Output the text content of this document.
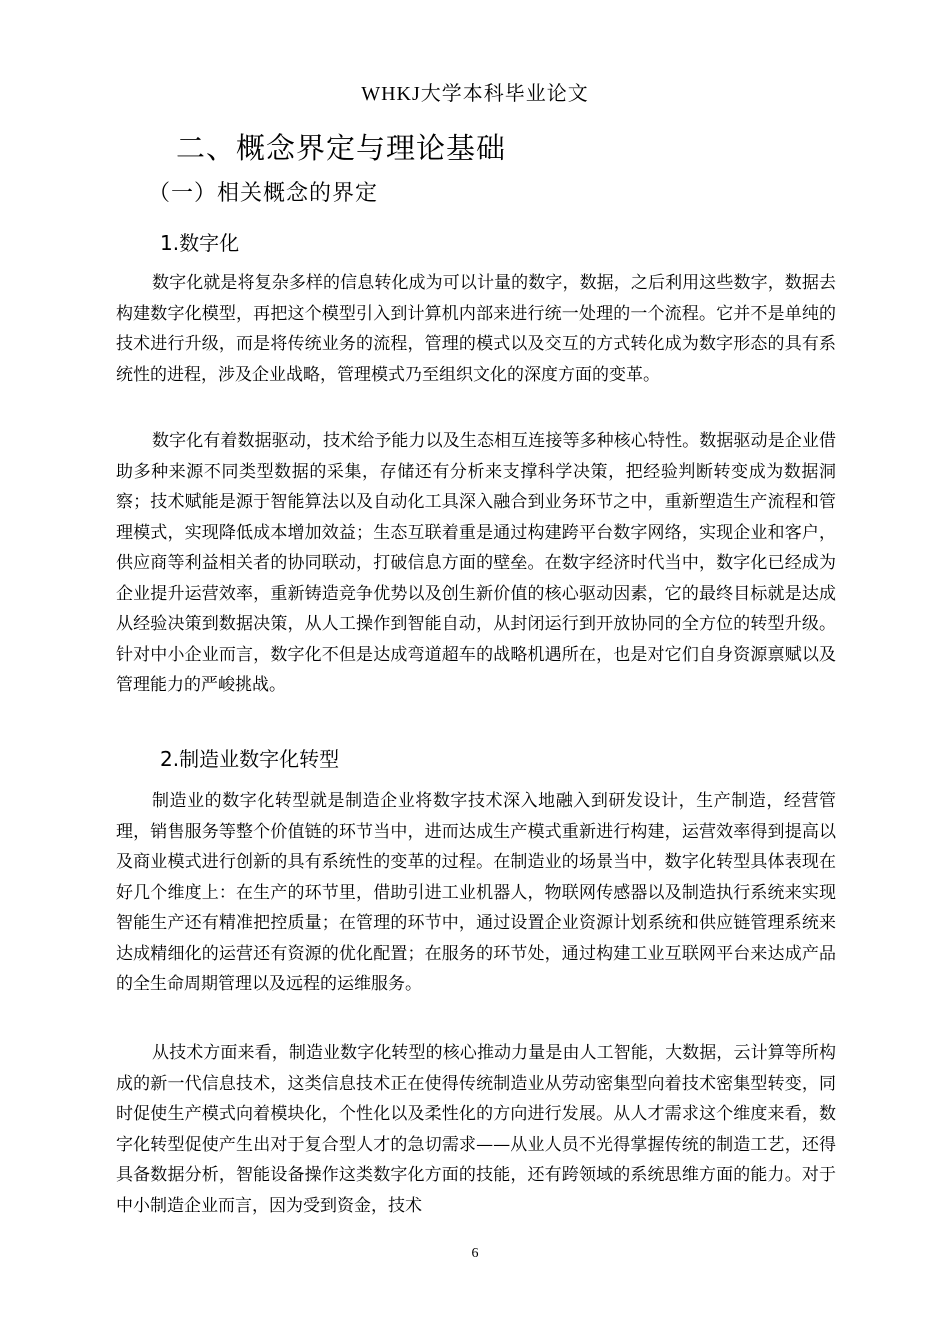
WHKJ大学本科毕业论文
二、概念界定与理论基础
（一）相关概念的界定
1.数字化

数字化就是将复杂多样的信息转化成为可以计量的数字，数据，之后利用这些数字，数据去构建数字化模型，再把这个模型引入到计算机内部来进行统一处理的一个流程。它并不是单纯的技术进行升级，而是将传统业务的流程，管理的模式以及交互的方式转化成为数字形态的具有系统性的进程，涉及企业战略，管理模式乃至组织文化的深度方面的变革。

数字化有着数据驱动，技术给予能力以及生态相互连接等多种核心特性。数据驱动是企业借助多种来源不同类型数据的采集，存储还有分析来支撑科学决策，把经验判断转变成为数据洞察；技术赋能是源于智能算法以及自动化工具深入融合到业务环节之中，重新塑造生产流程和管理模式，实现降低成本增加效益；生态互联着重是通过构建跨平台数字网络，实现企业和客户，供应商等利益相关者的协同联动，打破信息方面的壁垒。在数字经济时代当中，数字化已经成为企业提升运营效率，重新铸造竞争优势以及创生新价值的核心驱动因素，它的最终目标就是达成从经验决策到数据决策，从人工操作到智能自动，从封闭运行到开放协同的全方位的转型升级。针对中小企业而言，数字化不但是达成弯道超车的战略机遇所在，也是对它们自身资源禀赋以及管理能力的严峻挑战。

2.制造业数字化转型

制造业的数字化转型就是制造企业将数字技术深入地融入到研发设计，生产制造，经营管理，销售服务等整个价值链的环节当中，进而达成生产模式重新进行构建，运营效率得到提高以及商业模式进行创新的具有系统性的变革的过程。在制造业的场景当中，数字化转型具体表现在好几个维度上：在生产的环节里，借助引进工业机器人，物联网传感器以及制造执行系统来实现智能生产还有精准把控质量；在管理的环节中，通过设置企业资源计划系统和供应链管理系统来达成精细化的运营还有资源的优化配置；在服务的环节处，通过构建工业互联网平台来达成产品的全生命周期管理以及远程的运维服务。

从技术方面来看，制造业数字化转型的核心推动力量是由人工智能，大数据，云计算等所构成的新一代信息技术，这类信息技术正在使得传统制造业从劳动密集型向着技术密集型转变，同时促使生产模式向着模块化，个性化以及柔性化的方向进行发展。从人才需求这个维度来看，数字化转型促使产生出对于复合型人才的急切需求——从业人员不光得掌握传统的制造工艺，还得具备数据分析，智能设备操作这类数字化方面的技能，还有跨领域的系统思维方面的能力。对于中小制造企业而言，因为受到资金，技术

6
